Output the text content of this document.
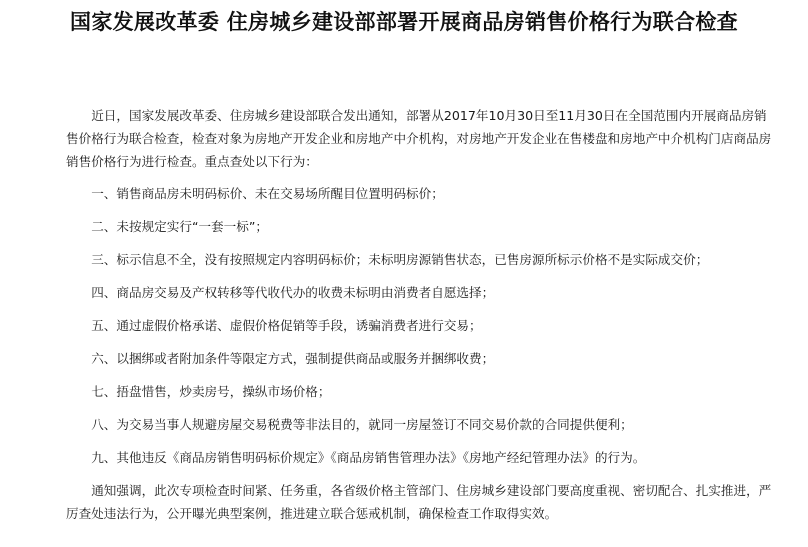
国家发展改革委 住房城乡建设部部署开展商品房销售价格行为联合检查

近日，国家发展改革委、住房城乡建设部联合发出通知，部署从2017年10月30日至11月30日在全国范围内开展商品房销售价格行为联合检查，检查对象为房地产开发企业和房地产中介机构，对房地产开发企业在售楼盘和房地产中介机构门店商品房销售价格行为进行检查。重点查处以下行为：

一、销售商品房未明码标价、未在交易场所醒目位置明码标价；

二、未按规定实行“一套一标”；

三、标示信息不全，没有按照规定内容明码标价；未标明房源销售状态，已售房源所标示价格不是实际成交价；

四、商品房交易及产权转移等代收代办的收费未标明由消费者自愿选择；

五、通过虚假价格承诺、虚假价格促销等手段，诱骗消费者进行交易；

六、以捆绑或者附加条件等限定方式，强制提供商品或服务并捆绑收费；

七、捂盘惜售，炒卖房号，操纵市场价格；

八、为交易当事人规避房屋交易税费等非法目的，就同一房屋签订不同交易价款的合同提供便利；

九、其他违反《商品房销售明码标价规定》《商品房销售管理办法》《房地产经纪管理办法》的行为。

通知强调，此次专项检查时间紧、任务重，各省级价格主管部门、住房城乡建设部门要高度重视、密切配合、扎实推进，严厉查处违法行为，公开曝光典型案例，推进建立联合惩戒机制，确保检查工作取得实效。
